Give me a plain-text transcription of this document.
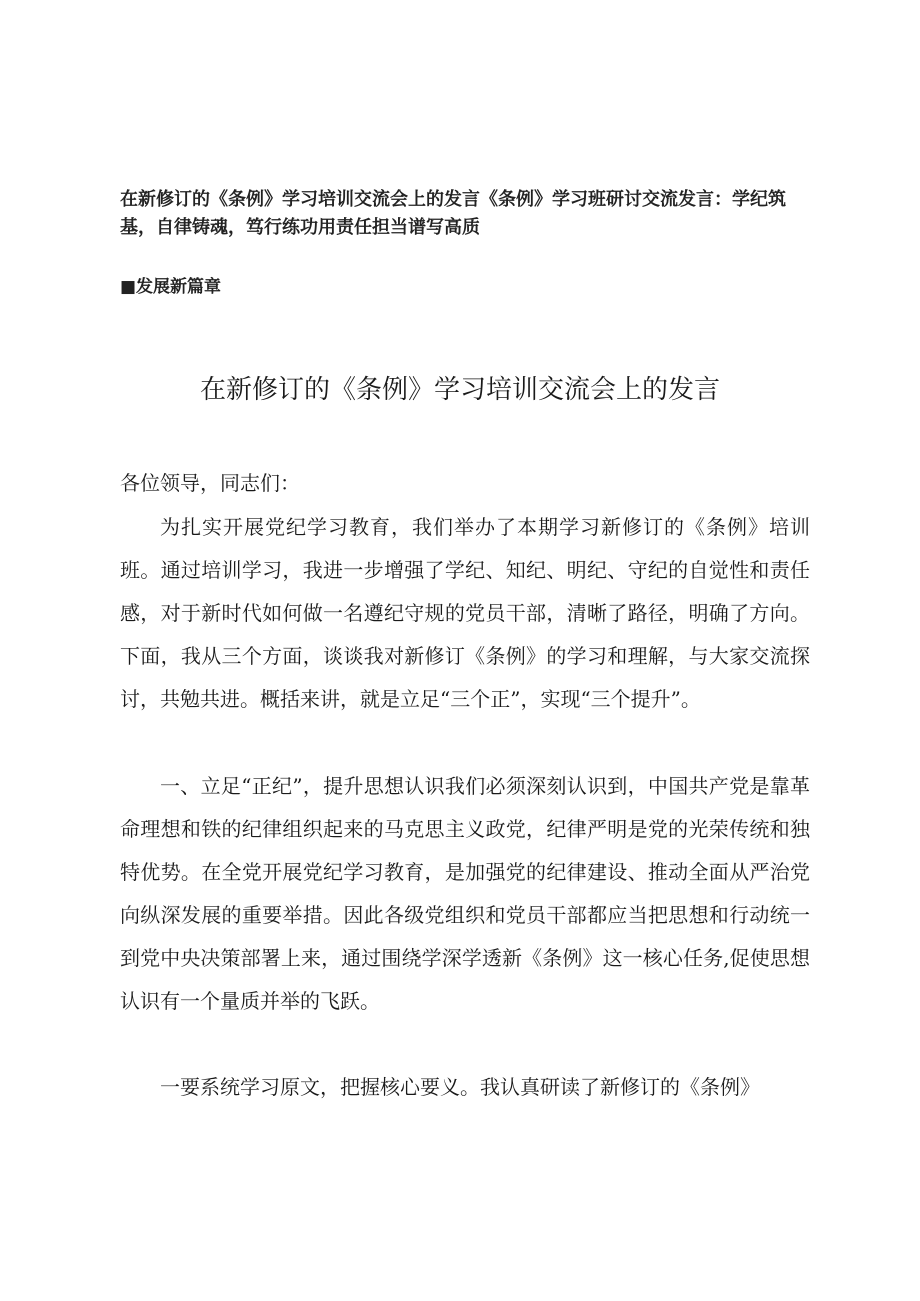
在新修订的《条例》学习培训交流会上的发言《条例》学习班研讨交流发言：学纪筑基，自律铸魂，笃行练功用责任担当谱写高质

■发展新篇章

在新修订的《条例》学习培训交流会上的发言

各位领导，同志们：

为扎实开展党纪学习教育，我们举办了本期学习新修订的《条例》培训班。通过培训学习，我进一步增强了学纪、知纪、明纪、守纪的自觉性和责任感，对于新时代如何做一名遵纪守规的党员干部，清晰了路径，明确了方向。下面，我从三个方面，谈谈我对新修订《条例》的学习和理解，与大家交流探讨，共勉共进。概括来讲，就是立足“三个正”，实现“三个提升”。

一、立足“正纪”，提升思想认识我们必须深刻认识到，中国共产党是靠革命理想和铁的纪律组织起来的马克思主义政党，纪律严明是党的光荣传统和独特优势。在全党开展党纪学习教育，是加强党的纪律建设、推动全面从严治党向纵深发展的重要举措。因此各级党组织和党员干部都应当把思想和行动统一到党中央决策部署上来，通过围绕学深学透新《条例》这一核心任务,促使思想认识有一个量质并举的飞跃。

一要系统学习原文，把握核心要义。我认真研读了新修订的《条例》
